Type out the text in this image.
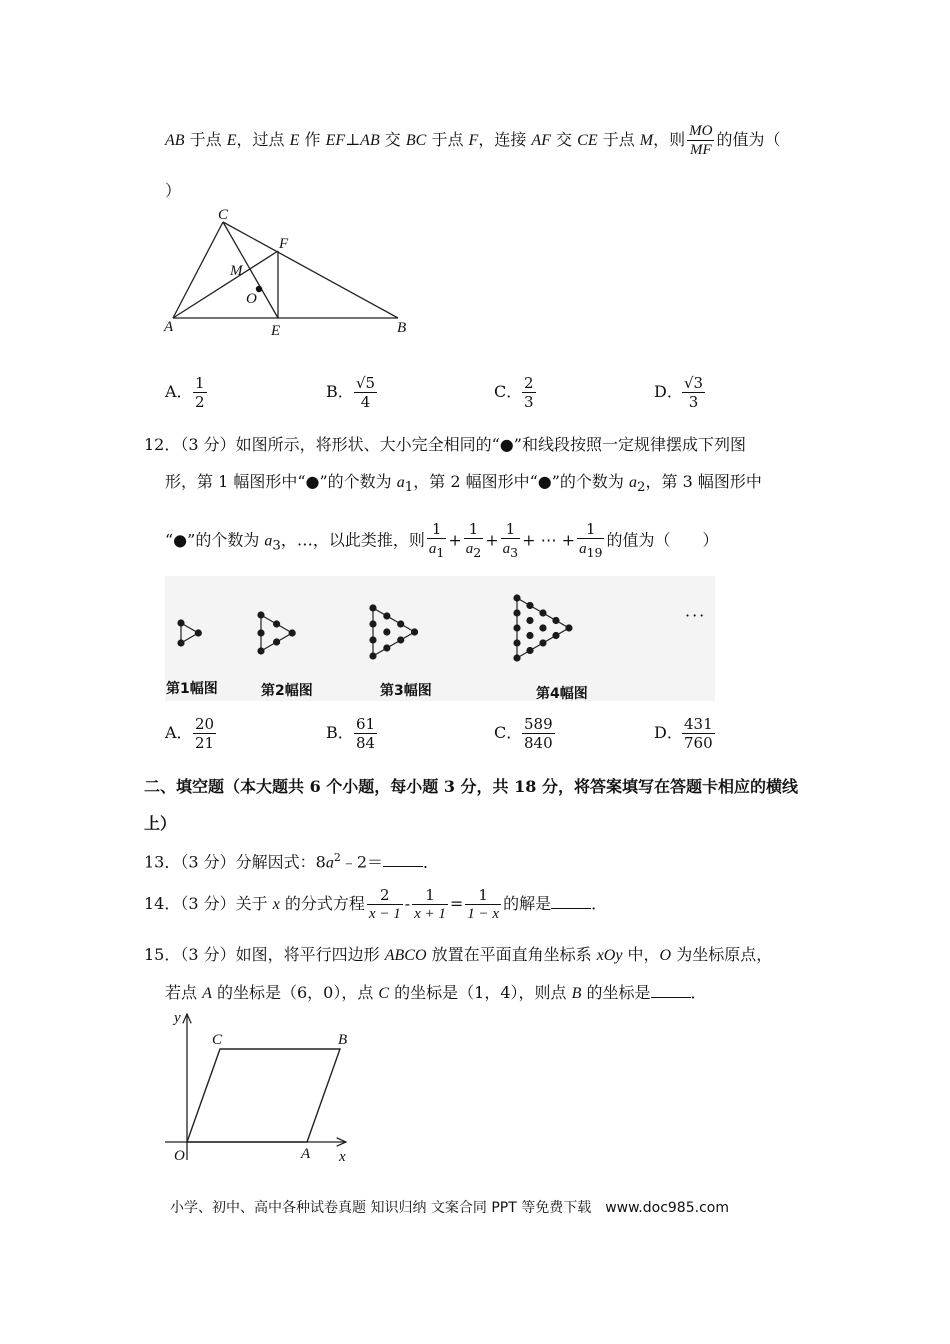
AB 于点 E，过点 E 作 EF⊥AB 交 BC 于点 F，连接 AF 交 CE 于点 M，则 $\frac{MO}{MF}$ 的值为（
）
C
F
M
O
A	E	B
A． $\frac{1}{2}$	B． $\frac{√5}{4}$	C． $\frac{2}{3}$	D． $\frac{√3}{3}$
12．（3 分）如图所示，将形状、大小完全相同的“●”和线段按照一定规律摆成下列图
形，第 1 幅图形中“●”的个数为 $a_1$，第 2 幅图形中“●”的个数为 $a_2$，第 3 幅图形中
“●”的个数为 $a_3$，…，以此类推，则 $\frac{1}{a_1} + \frac{1}{a_2} + \frac{1}{a_3}$ + ⋯ + $\frac{1}{a_{19}}$ 的值为（　　）
第1幅图	第2幅图	第3幅图	第4幅图
···
A． $\frac{20}{21}$	B． $\frac{61}{84}$	C． $\frac{589}{840}$	D． $\frac{431}{760}$
二、填空题（本大题共 6 个小题，每小题 3 分，共 18 分，将答案填写在答题卡相应的横线
上）
13．（3 分）分解因式：$8a^2﹣2=$	．
14．（3 分）关于 x 的分式方程 $\frac{2}{x - 1} - \frac{1}{x + 1} = \frac{1}{1 - x}$ 的解是	．
15．（3 分）如图，将平行四边形 ABCO 放置在平面直角坐标系 xOy 中，O 为坐标原点，
若点 A 的坐标是（6，0），点 C 的坐标是（1，4），则点 B 的坐标是	．
y
C	B
O	A x
小学、初中、高中各种试卷真题 知识归纳 文案合同 PPT 等免费下载　www.doc985.com
